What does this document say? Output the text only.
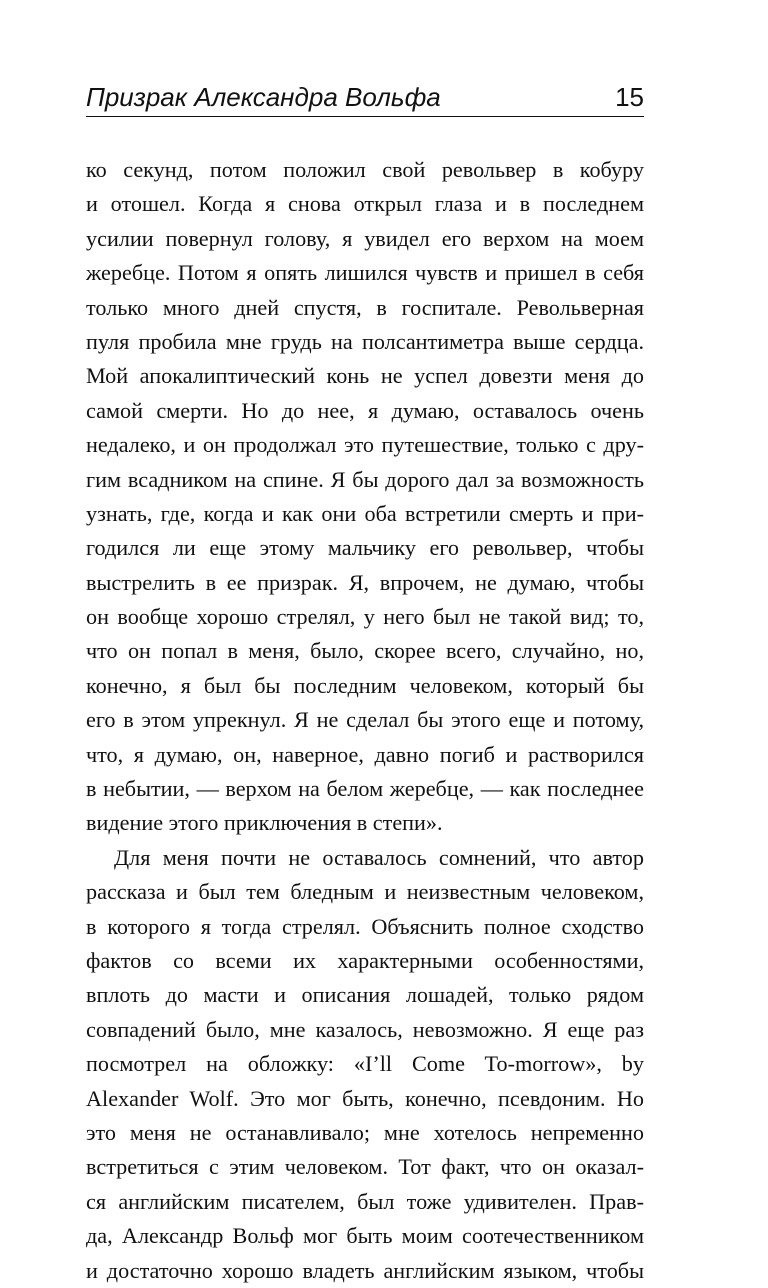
Призрак Александра Вольфа	15
ко секунд, потом положил свой револьвер в кобуру
и отошел. Когда я снова открыл глаза и в последнем
усилии повернул голову, я увидел его верхом на моем
жеребце. Потом я опять лишился чувств и пришел в себя
только много дней спустя, в госпитале. Револьверная
пуля пробила мне грудь на полсантиметра выше сердца.
Мой апокалиптический конь не успел довезти меня до
самой смерти. Но до нее, я думаю, оставалось очень
недалеко, и он продолжал это путешествие, только с дру-
гим всадником на спине. Я бы дорого дал за возможность
узнать, где, когда и как они оба встретили смерть и при-
годился ли еще этому мальчику его револьвер, чтобы
выстрелить в ее призрак. Я, впрочем, не думаю, чтобы
он вообще хорошо стрелял, у него был не такой вид; то,
что он попал в меня, было, скорее всего, случайно, но,
конечно, я был бы последним человеком, который бы
его в этом упрекнул. Я не сделал бы этого еще и потому,
что, я думаю, он, наверное, давно погиб и растворился
в небытии, — верхом на белом жеребце, — как последнее
видение этого приключения в степи».
Для меня почти не оставалось сомнений, что автор
рассказа и был тем бледным и неизвестным человеком,
в которого я тогда стрелял. Объяснить полное сходство
фактов со всеми их характерными особенностями,
вплоть до масти и описания лошадей, только рядом
совпадений было, мне казалось, невозможно. Я еще раз
посмотрел на обложку: «I’ll Come To-morrow», by
Alexander Wolf. Это мог быть, конечно, псевдоним. Но
это меня не останавливало; мне хотелось непременно
встретиться с этим человеком. Тот факт, что он оказал-
ся английским писателем, был тоже удивителен. Прав-
да, Александр Вольф мог быть моим соотечественником
и достаточно хорошо владеть английским языком, чтобы
